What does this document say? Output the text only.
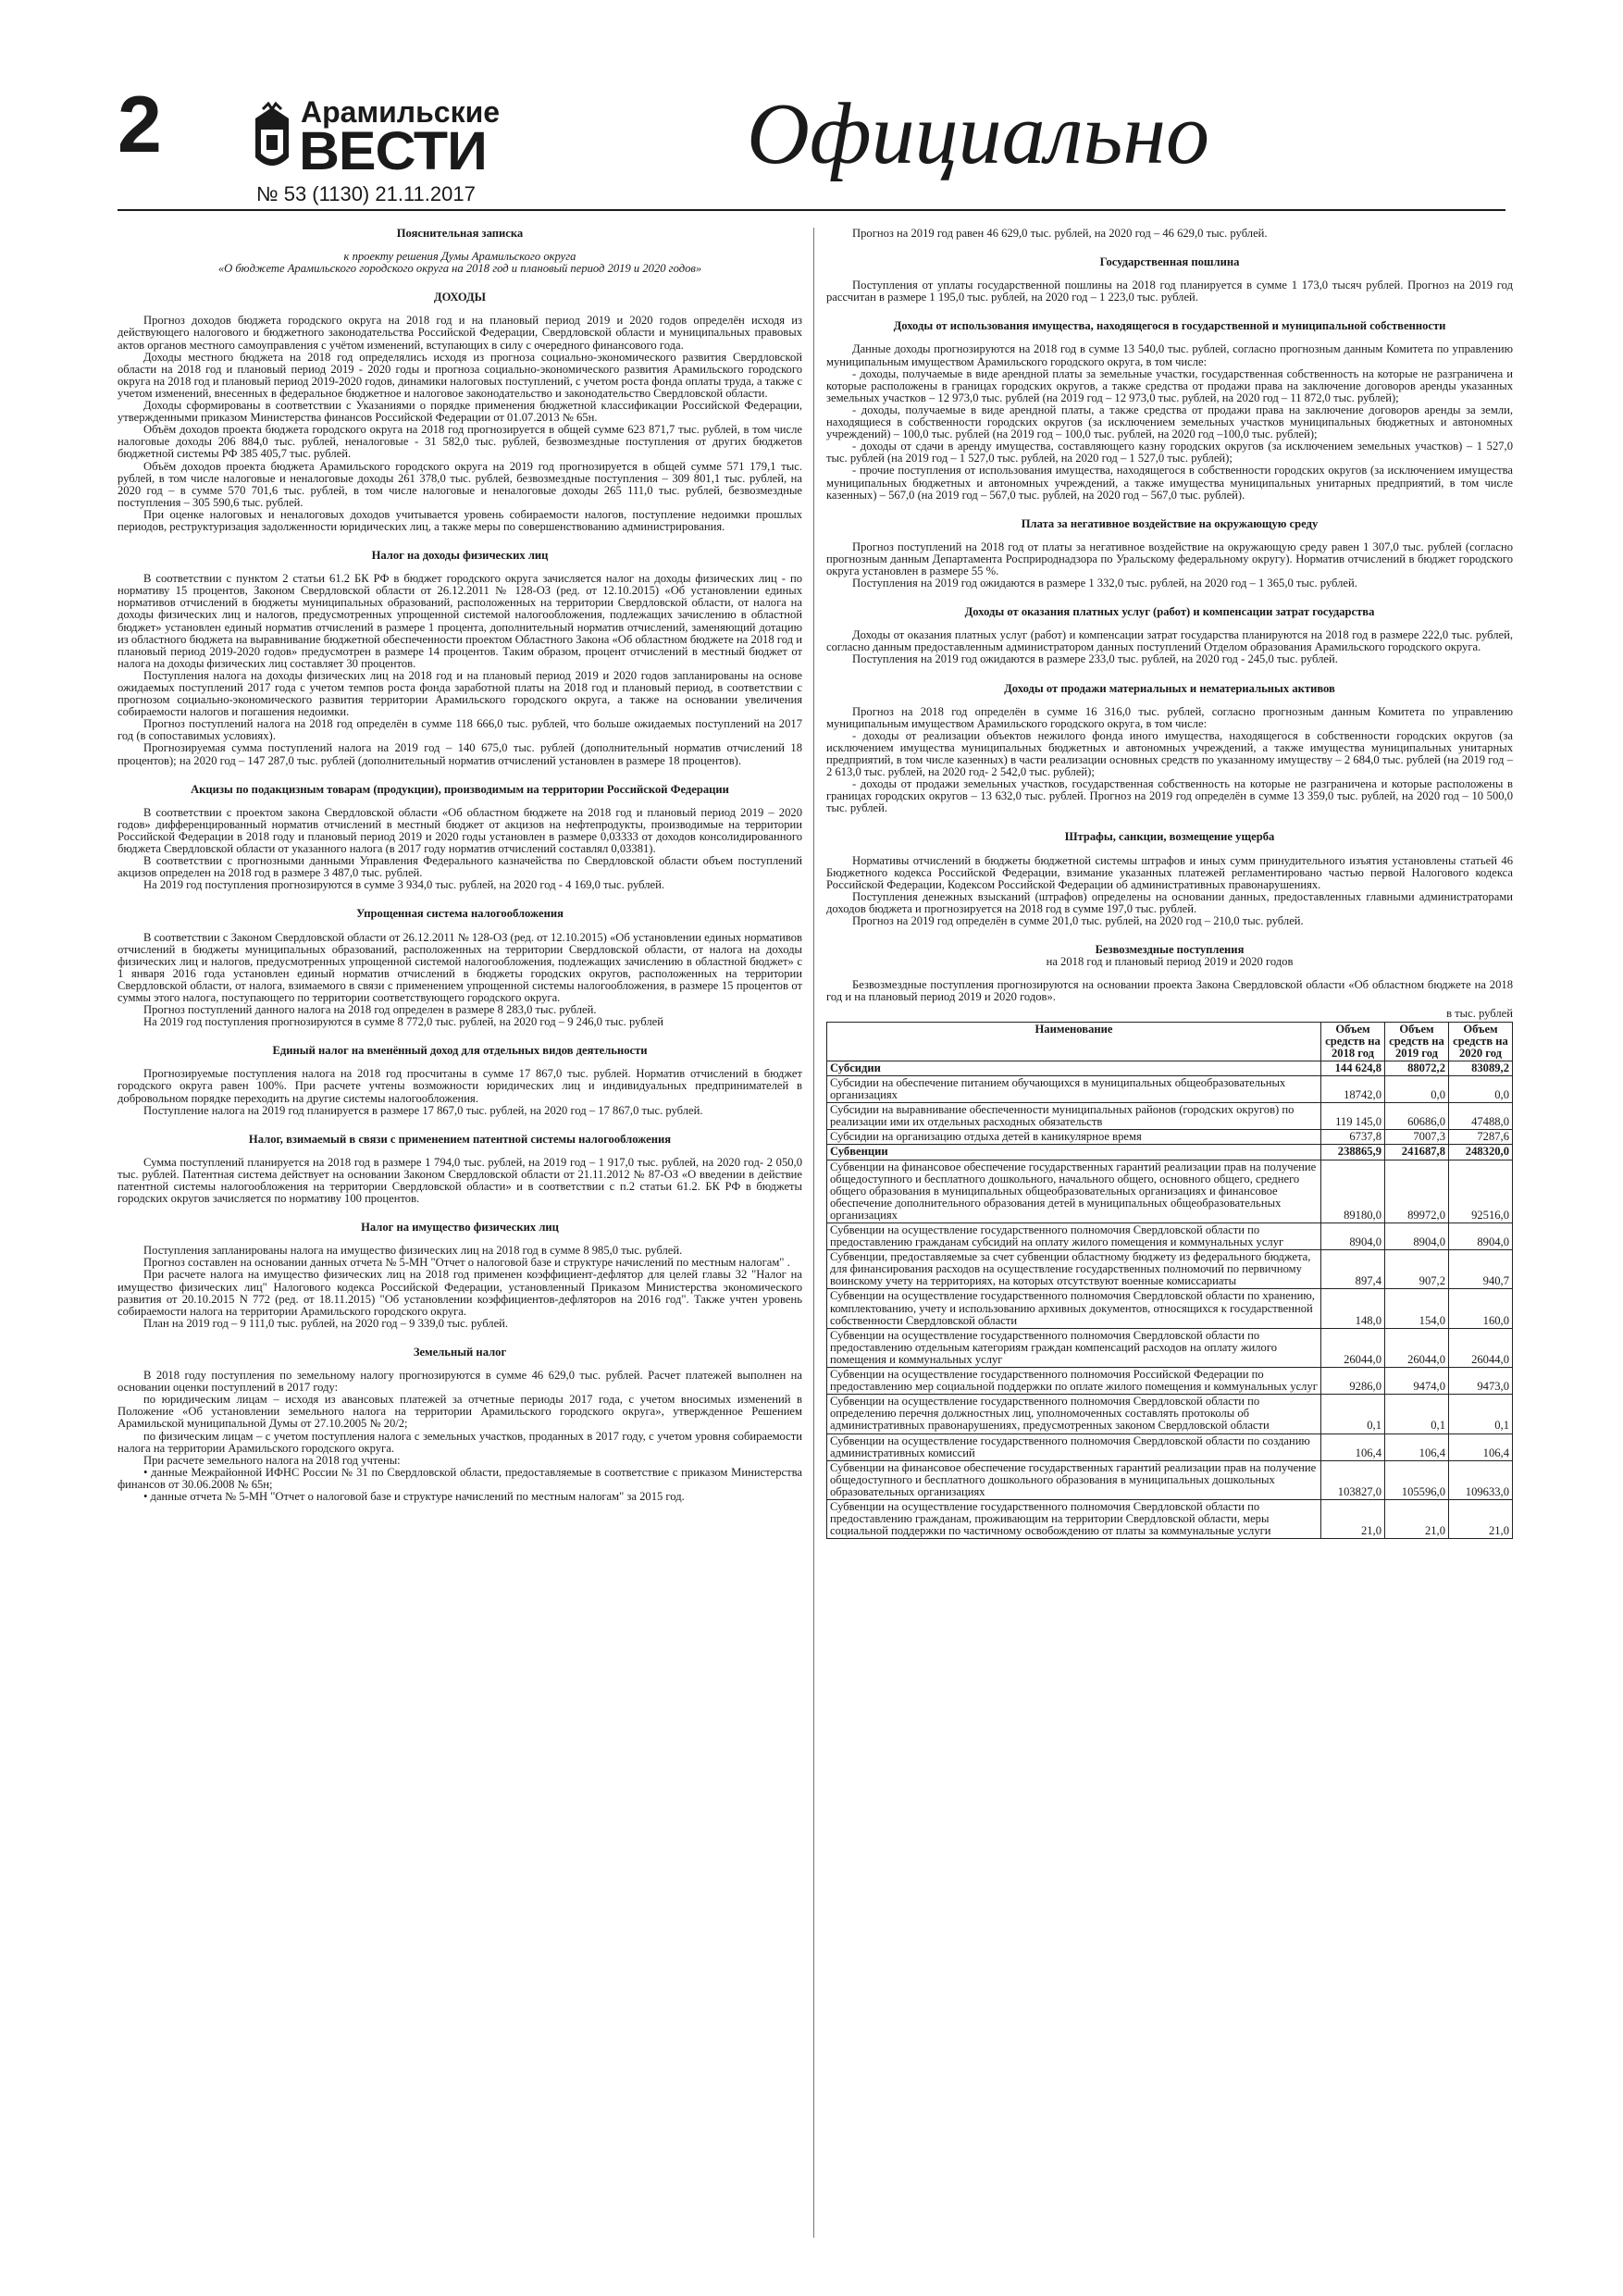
2	Арамильские
ВЕСТИ
№ 53 (1130) 21.11.2017
Официально
Пояснительная записка
к проекту решения Думы Арамильского округа
«О бюджете Арамильского городского округа на 2018 год и плановый период 2019 и 2020 годов»
ДОХОДЫ

Прогноз доходов бюджета городского округа на 2018 год и на плановый период 2019 и 2020 годов определён исходя из действующего налогового и бюджетного законодательства Российской Федерации, Свердловской области и муниципальных правовых актов органов местного самоуправления с учётом изменений, вступающих в силу с очередного финансового года.

Доходы местного бюджета на 2018 год определялись исходя из прогноза социально-экономического развития Свердловской области на 2018 год и плановый период 2019 - 2020 годы и прогноза социально-экономического развития Арамильского городского округа на 2018 год и плановый период 2019-2020 годов, динамики налоговых поступлений, с учетом роста фонда оплаты труда, а также с учетом изменений, внесенных в федеральное бюджетное и налоговое законодательство и законодательство Свердловской области.

Доходы сформированы в соответствии с Указаниями о порядке применения бюджетной классификации Российской Федерации, утвержденными приказом Министерства финансов Российской Федерации от 01.07.2013 № 65н.

Объём доходов проекта бюджета городского округа на 2018 год прогнозируется в общей сумме 623 871,7 тыс. рублей, в том числе налоговые доходы 206 884,0 тыс. рублей, неналоговые - 31 582,0 тыс. рублей, безвозмездные поступления от других бюджетов бюджетной системы РФ 385 405,7 тыс. рублей.

Объём доходов проекта бюджета Арамильского городского округа на 2019 год прогнозируется в общей сумме 571 179,1 тыс. рублей, в том числе налоговые и неналоговые доходы 261 378,0 тыс. рублей, безвозмездные поступления – 309 801,1 тыс. рублей, на 2020 год – в сумме 570 701,6 тыс. рублей, в том числе налоговые и неналоговые доходы 265 111,0 тыс. рублей, безвозмездные поступления – 305 590,6 тыс. рублей.

При оценке налоговых и неналоговых доходов учитывается уровень собираемости налогов, поступление недоимки прошлых периодов, реструктуризация задолженности юридических лиц, а также меры по совершенствованию администрирования.

Налог на доходы физических лиц

В соответствии с пунктом 2 статьи 61.2 БК РФ в бюджет городского округа зачисляется налог на доходы физических лиц - по нормативу 15 процентов, Законом Свердловской области от 26.12.2011 № 128-ОЗ (ред. от 12.10.2015) «Об установлении единых нормативов отчислений в бюджеты муниципальных образований, расположенных на территории Свердловской области, от налога на доходы физических лиц и налогов, предусмотренных упрощенной системой налогообложения, подлежащих зачислению в областной бюджет» установлен единый норматив отчислений в размере 1 процента, дополнительный норматив отчислений, заменяющий дотацию из областного бюджета на выравнивание бюджетной обеспеченности проектом Областного Закона «Об областном бюджете на 2018 год и плановый период 2019-2020 годов» предусмотрен в размере 14 процентов. Таким образом, процент отчислений в местный бюджет от налога на доходы физических лиц составляет 30 процентов.

Поступления налога на доходы физических лиц на 2018 год и на плановый период 2019 и 2020 годов запланированы на основе ожидаемых поступлений 2017 года с учетом темпов роста фонда заработной платы на 2018 год и плановый период, в соответствии с прогнозом социально-экономического развития территории Арамильского городского округа, а также на основании увеличения собираемости налогов и погашения недоимки.

Прогноз поступлений налога на 2018 год определён в сумме 118 666,0 тыс. рублей, что больше ожидаемых поступлений на 2017 год (в сопоставимых условиях).

Прогнозируемая сумма поступлений налога на 2019 год – 140 675,0 тыс. рублей (дополнительный норматив отчислений 18 процентов); на 2020 год – 147 287,0 тыс. рублей (дополнительный норматив отчислений установлен в размере 18 процентов).

Акцизы по подакцизным товарам (продукции), производимым на территории Российской Федерации

В соответствии с проектом закона Свердловской области «Об областном бюджете на 2018 год и плановый период 2019 – 2020 годов» дифференцированный норматив отчислений в местный бюджет от акцизов на нефтепродукты, производимые на территории Российской Федерации в 2018 году и плановый период 2019 и 2020 годы установлен в размере 0,03333 от доходов консолидированного бюджета Свердловской области от указанного налога (в 2017 году норматив отчислений составлял 0,03381).

В соответствии с прогнозными данными Управления Федерального казначейства по Свердловской области объем поступлений акцизов определен на 2018 год в размере 3 487,0 тыс. рублей.

На 2019 год поступления прогнозируются в сумме 3 934,0 тыс. рублей, на 2020 год - 4 169,0 тыс. рублей.

Упрощенная система налогообложения

В соответствии с Законом Свердловской области от 26.12.2011 № 128-ОЗ (ред. от 12.10.2015) «Об установлении единых нормативов отчислений в бюджеты муниципальных образований, расположенных на территории Свердловской области, от налога на доходы физических лиц и налогов, предусмотренных упрощенной системой налогообложения, подлежащих зачислению в областной бюджет» с 1 января 2016 года установлен единый норматив отчислений в бюджеты городских округов, расположенных на территории Свердловской области, от налога, взимаемого в связи с применением упрощенной системы налогообложения, в размере 15 процентов от суммы этого налога, поступающего по территории соответствующего городского округа.

Прогноз поступлений данного налога на 2018 год определен в размере 8 283,0 тыс. рублей.

На 2019 год поступления прогнозируются в сумме 8 772,0 тыс. рублей, на 2020 год – 9 246,0 тыс. рублей

Единый налог на вменённый доход для отдельных видов деятельности

Прогнозируемые поступления налога на 2018 год просчитаны в сумме 17 867,0 тыс. рублей. Норматив отчислений в бюджет городского округа равен 100%. При расчете учтены возможности юридических лиц и индивидуальных предпринимателей в добровольном порядке переходить на другие системы налогообложения.

Поступление налога на 2019 год планируется в размере 17 867,0 тыс. рублей, на 2020 год – 17 867,0 тыс. рублей.

Налог, взимаемый в связи с применением патентной системы налогообложения

Сумма поступлений планируется на 2018 год в размере 1 794,0 тыс. рублей, на 2019 год – 1 917,0 тыс. рублей, на 2020 год- 2 050,0 тыс. рублей. Патентная система действует на основании Законом Свердловской области от 21.11.2012 № 87-ОЗ «О введении в действие патентной системы налогообложения на территории Свердловской области» и в соответствии с п.2 статьи 61.2. БК РФ в бюджеты городских округов зачисляется по нормативу 100 процентов.

Налог на имущество физических лиц

Поступления запланированы налога на имущество физических лиц на 2018 год в сумме 8 985,0 тыс. рублей.

Прогноз составлен на основании данных отчета № 5-МН "Отчет о налоговой базе и структуре начислений по местным налогам" .

При расчете налога на имущество физических лиц на 2018 год применен коэффициент-дефлятор для целей главы 32 "Налог на имущество физических лиц" Налогового кодекса Российской Федерации, установленный Приказом Министерства экономического развития от 20.10.2015 N 772 (ред. от 18.11.2015) "Об установлении коэффициентов-дефляторов на 2016 год". Также учтен уровень собираемости налога на территории Арамильского городского округа.

План на 2019 год – 9 111,0 тыс. рублей, на 2020 год – 9 339,0 тыс. рублей.

Земельный налог

В 2018 году поступления по земельному налогу прогнозируются в сумме 46 629,0 тыс. рублей. Расчет платежей выполнен на основании оценки поступлений в 2017 году:

по юридическим лицам – исходя из авансовых платежей за отчетные периоды 2017 года, с учетом вносимых изменений в Положение «Об установлении земельного налога на территории Арамильского городского округа», утвержденное Решением Арамильской муниципальной Думы от 27.10.2005 № 20/2;

по физическим лицам – с учетом поступления налога с земельных участков, проданных в 2017 году, с учетом уровня собираемости налога на территории Арамильского городского округа.

При расчете земельного налога на 2018 год учтены:

• данные Межрайонной ИФНС России № 31 по Свердловской области, предоставляемые в соответствие с приказом Министерства финансов от 30.06.2008 № 65н;

• данные отчета № 5-МН "Отчет о налоговой базе и структуре начислений по местным налогам" за 2015 год.

Прогноз на 2019 год равен 46 629,0 тыс. рублей, на 2020 год – 46 629,0 тыс. рублей.

Государственная пошлина

Поступления от уплаты государственной пошлины на 2018 год планируется в сумме 1 173,0 тысяч рублей. Прогноз на 2019 год рассчитан в размере 1 195,0 тыс. рублей, на 2020 год – 1 223,0 тыс. рублей.

Доходы от использования имущества, находящегося в государственной и муниципальной собственности

Данные доходы прогнозируются на 2018 год в сумме 13 540,0 тыс. рублей, согласно прогнозным данным Комитета по управлению муниципальным имуществом Арамильского городского округа, в том числе:

- доходы, получаемые в виде арендной платы за земельные участки, государственная собственность на которые не разграничена и которые расположены в границах городских округов, а также средства от продажи права на заключение договоров аренды указанных земельных участков – 12 973,0 тыс. рублей (на 2019 год – 12 973,0 тыс. рублей, на 2020 год – 11 872,0 тыс. рублей);

- доходы, получаемые в виде арендной платы, а также средства от продажи права на заключение договоров аренды за земли, находящиеся в собственности городских округов (за исключением земельных участков муниципальных бюджетных и автономных учреждений) – 100,0 тыс. рублей (на 2019 год – 100,0 тыс. рублей, на 2020 год –100,0 тыс. рублей);

- доходы от сдачи в аренду имущества, составляющего казну городских округов (за исключением земельных участков) – 1 527,0 тыс. рублей (на 2019 год – 1 527,0 тыс. рублей, на 2020 год – 1 527,0 тыс. рублей);

- прочие поступления от использования имущества, находящегося в собственности городских округов (за исключением имущества муниципальных бюджетных и автономных учреждений, а также имущества муниципальных унитарных предприятий, в том числе казенных) – 567,0 (на 2019 год – 567,0 тыс. рублей, на 2020 год – 567,0 тыс. рублей).

Плата за негативное воздействие на окружающую среду

Прогноз поступлений на 2018 год от платы за негативное воздействие на окружающую среду равен 1 307,0 тыс. рублей (согласно прогнозным данным Департамента Росприроднадзора по Уральскому федеральному округу). Норматив отчислений в бюджет городского округа установлен в размере 55 %.

Поступления на 2019 год ожидаются в размере 1 332,0 тыс. рублей, на 2020 год – 1 365,0 тыс. рублей.

Доходы от оказания платных услуг (работ) и компенсации затрат государства

Доходы от оказания платных услуг (работ) и компенсации затрат государства планируются на 2018 год в размере 222,0 тыс. рублей, согласно данным предоставленным администратором данных поступлений Отделом образования Арамильского городского округа.

Поступления на 2019 год ожидаются в размере 233,0 тыс. рублей, на 2020 год - 245,0 тыс. рублей.

Доходы от продажи материальных и нематериальных активов

Прогноз на 2018 год определён в сумме 16 316,0 тыс. рублей, согласно прогнозным данным Комитета по управлению муниципальным имуществом Арамильского городского округа, в том числе:

- доходы от реализации объектов нежилого фонда иного имущества, находящегося в собственности городских округов (за исключением имущества муниципальных бюджетных и автономных учреждений, а также имущества муниципальных унитарных предприятий, в том числе казенных) в части реализации основных средств по указанному имуществу – 2 684,0 тыс. рублей (на 2019 год – 2 613,0 тыс. рублей, на 2020 год- 2 542,0 тыс. рублей);

- доходы от продажи земельных участков, государственная собственность на которые не разграничена и которые расположены в границах городских округов – 13 632,0 тыс. рублей. Прогноз на 2019 год определён в сумме 13 359,0 тыс. рублей, на 2020 год – 10 500,0 тыс. рублей.

Штрафы, санкции, возмещение ущерба

Нормативы отчислений в бюджеты бюджетной системы штрафов и иных сумм принудительного изъятия установлены статьей 46 Бюджетного кодекса Российской Федерации, взимание указанных платежей регламентировано частью первой Налогового кодекса Российской Федерации, Кодексом Российской Федерации об административных правонарушениях.

Поступления денежных взысканий (штрафов) определены на основании данных, предоставленных главными администраторами доходов бюджета и прогнозируется на 2018 год в сумме 197,0 тыс. рублей.

Прогноз на 2019 год определён в сумме 201,0 тыс. рублей, на 2020 год – 210,0 тыс. рублей.

Безвозмездные поступления
на 2018 год и плановый период 2019 и 2020 годов

Безвозмездные поступления прогнозируются на основании проекта Закона Свердловской области «Об областном бюджете на 2018 год и на плановый период 2019 и 2020 годов».

в тыс. рублей
Наименование	Объем средств на 2018 год	Объем средств на 2019 год	Объем средств на 2020 год
Субсидии	144 624,8	88072,2	83089,2
Субсидии на обеспечение питанием обучающихся в муниципальных общеобразовательных организациях	18742,0	0,0	0,0
Субсидии на выравнивание обеспеченности муниципальных районов (городских округов) по реализации ими их отдельных расходных обязательств	119 145,0	60686,0	47488,0
Субсидии на организацию отдыха детей в каникулярное время	6737,8	7007,3	7287,6
Субвенции	238865,9	241687,8	248320,0
Субвенции на финансовое обеспечение государственных гарантий реализации прав на получение общедоступного и бесплатного дошкольного, начального общего, основного общего, среднего общего образования в муниципальных общеобразовательных организациях и финансовое обеспечение дополнительного образования детей в муниципальных общеобразовательных организациях	89180,0	89972,0	92516,0
Субвенции на осуществление государственного полномочия Свердловской области по предоставлению гражданам субсидий на оплату жилого помещения и коммунальных услуг	8904,0	8904,0	8904,0
Субвенции, предоставляемые за счет субвенции областному бюджету из федерального бюджета, для финансирования расходов на осуществление государственных полномочий по первичному воинскому учету на территориях, на которых отсутствуют военные комиссариаты	897,4	907,2	940,7
Субвенции на осуществление государственного полномочия Свердловской области по хранению, комплектованию, учету и использованию архивных документов, относящихся к государственной собственности Свердловской области	148,0	154,0	160,0
Субвенции на осуществление государственного полномочия Свердловской области по предоставлению отдельным категориям граждан компенсаций расходов на оплату жилого помещения и коммунальных услуг	26044,0	26044,0	26044,0
Субвенции на осуществление государственного полномочия Российской Федерации по предоставлению мер социальной поддержки по оплате жилого помещения и коммунальных услуг	9286,0	9474,0	9473,0
Субвенции на осуществление государственного полномочия Свердловской области по определению перечня должностных лиц, уполномоченных составлять протоколы об административных правонарушениях, предусмотренных законом Свердловской области	0,1	0,1	0,1
Субвенции на осуществление государственного полномочия Свердловской области по созданию административных комиссий	106,4	106,4	106,4
Субвенции на финансовое обеспечение государственных гарантий реализации прав на получение общедоступного и бесплатного дошкольного образования в муниципальных дошкольных образовательных организациях	103827,0	105596,0	109633,0
Субвенции на осуществление государственного полномочия Свердловской области по предоставлению гражданам, проживающим на территории Свердловской области, меры социальной поддержки по частичному освобождению от платы за коммунальные услуги	21,0	21,0	21,0
